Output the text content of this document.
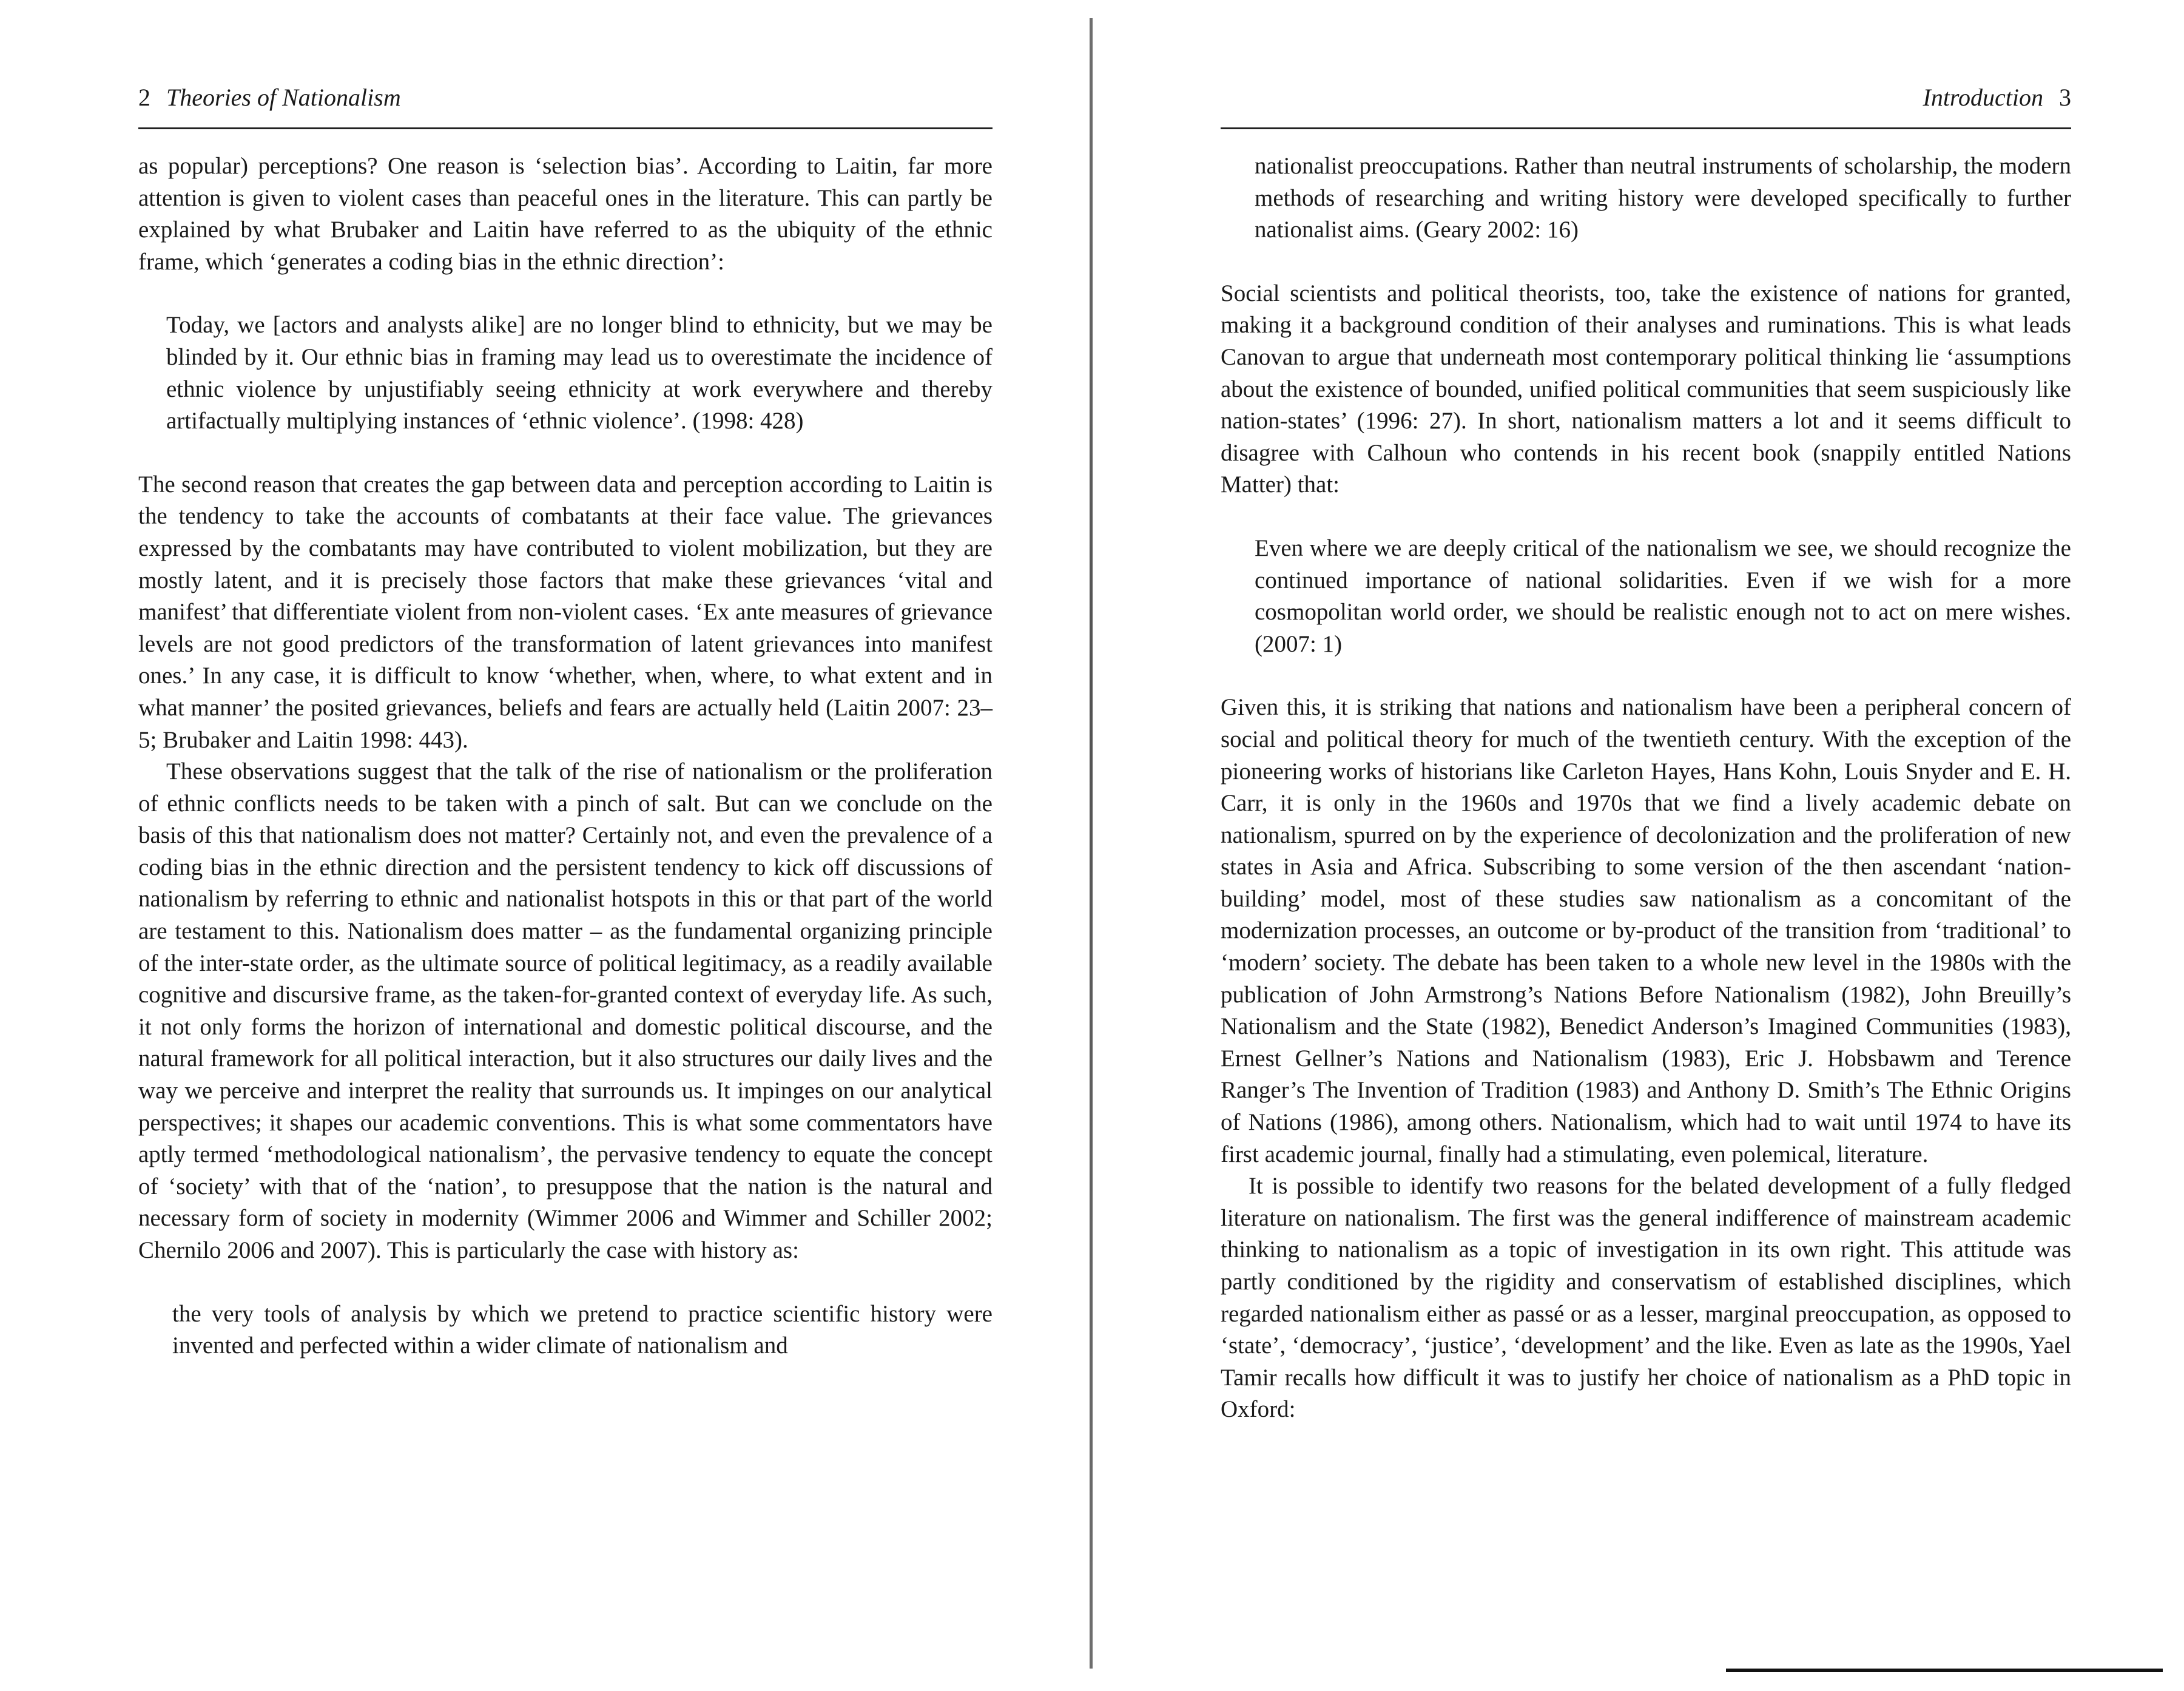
2 Theories of Nationalism

as popular) perceptions? One reason is ‘selection bias’. According to Laitin, far more attention is given to violent cases than peaceful ones in the literature. This can partly be explained by what Brubaker and Laitin have referred to as the ubiquity of the ethnic frame, which ‘generates a coding bias in the ethnic direction’:

Today, we [actors and analysts alike] are no longer blind to ethnicity, but we may be blinded by it. Our ethnic bias in framing may lead us to overestimate the incidence of ethnic violence by unjustifiably seeing ethnicity at work everywhere and thereby artifactually multiplying instances of ‘ethnic violence’. (1998: 428)

The second reason that creates the gap between data and perception according to Laitin is the tendency to take the accounts of combatants at their face value. The grievances expressed by the combatants may have contributed to violent mobilization, but they are mostly latent, and it is precisely those factors that make these grievances ‘vital and manifest’ that differentiate violent from non-violent cases. ‘Ex ante measures of grievance levels are not good predictors of the transformation of latent grievances into manifest ones.’ In any case, it is difficult to know ‘whether, when, where, to what extent and in what manner’ the posited grievances, beliefs and fears are actually held (Laitin 2007: 23–5; Brubaker and Laitin 1998: 443).

These observations suggest that the talk of the rise of nationalism or the proliferation of ethnic conflicts needs to be taken with a pinch of salt. But can we conclude on the basis of this that nationalism does not matter? Certainly not, and even the prevalence of a coding bias in the ethnic direction and the persistent tendency to kick off discussions of nationalism by referring to ethnic and nationalist hotspots in this or that part of the world are testament to this. Nationalism does matter – as the fundamental organizing principle of the inter-state order, as the ultimate source of political legitimacy, as a readily available cognitive and discursive frame, as the taken-for-granted context of everyday life. As such, it not only forms the horizon of international and domestic political discourse, and the natural framework for all political interaction, but it also structures our daily lives and the way we perceive and interpret the reality that surrounds us. It impinges on our analytical perspectives; it shapes our academic conventions. This is what some commentators have aptly termed ‘methodological nationalism’, the pervasive tendency to equate the concept of ‘society’ with that of the ‘nation’, to presuppose that the nation is the natural and necessary form of society in modernity (Wimmer 2006 and Wimmer and Schiller 2002; Chernilo 2006 and 2007). This is particularly the case with history as:

the very tools of analysis by which we pretend to practice scientific history were invented and perfected within a wider climate of nationalism and
Introduction 3
nationalist preoccupations. Rather than neutral instruments of scholarship, the modern methods of researching and writing history were developed specifically to further nationalist aims. (Geary 2002: 16)

Social scientists and political theorists, too, take the existence of nations for granted, making it a background condition of their analyses and ruminations. This is what leads Canovan to argue that underneath most contemporary political thinking lie ‘assumptions about the existence of bounded, unified political communities that seem suspiciously like nation-states’ (1996: 27). In short, nationalism matters a lot and it seems difficult to disagree with Calhoun who contends in his recent book (snappily entitled Nations Matter) that:

Even where we are deeply critical of the nationalism we see, we should recognize the continued importance of national solidarities. Even if we wish for a more cosmopolitan world order, we should be realistic enough not to act on mere wishes. (2007: 1)

Given this, it is striking that nations and nationalism have been a peripheral concern of social and political theory for much of the twentieth century. With the exception of the pioneering works of historians like Carleton Hayes, Hans Kohn, Louis Snyder and E. H. Carr, it is only in the 1960s and 1970s that we find a lively academic debate on nationalism, spurred on by the experience of decolonization and the proliferation of new states in Asia and Africa. Subscribing to some version of the then ascendant ‘nation-building’ model, most of these studies saw nationalism as a concomitant of the modernization processes, an outcome or by-product of the transition from ‘traditional’ to ‘modern’ society. The debate has been taken to a whole new level in the 1980s with the publication of John Armstrong’s Nations Before Nationalism (1982), John Breuilly’s Nationalism and the State (1982), Benedict Anderson’s Imagined Communities (1983), Ernest Gellner’s Nations and Nationalism (1983), Eric J. Hobsbawm and Terence Ranger’s The Invention of Tradition (1983) and Anthony D. Smith’s The Ethnic Origins of Nations (1986), among others. Nationalism, which had to wait until 1974 to have its first academic journal, finally had a stimulating, even polemical, literature.

It is possible to identify two reasons for the belated development of a fully fledged literature on nationalism. The first was the general indifference of mainstream academic thinking to nationalism as a topic of investigation in its own right. This attitude was partly conditioned by the rigidity and conservatism of established disciplines, which regarded nationalism either as passé or as a lesser, marginal preoccupation, as opposed to ‘state’, ‘democracy’, ‘justice’, ‘development’ and the like. Even as late as the 1990s, Yael Tamir recalls how difficult it was to justify her choice of nationalism as a PhD topic in Oxford:
